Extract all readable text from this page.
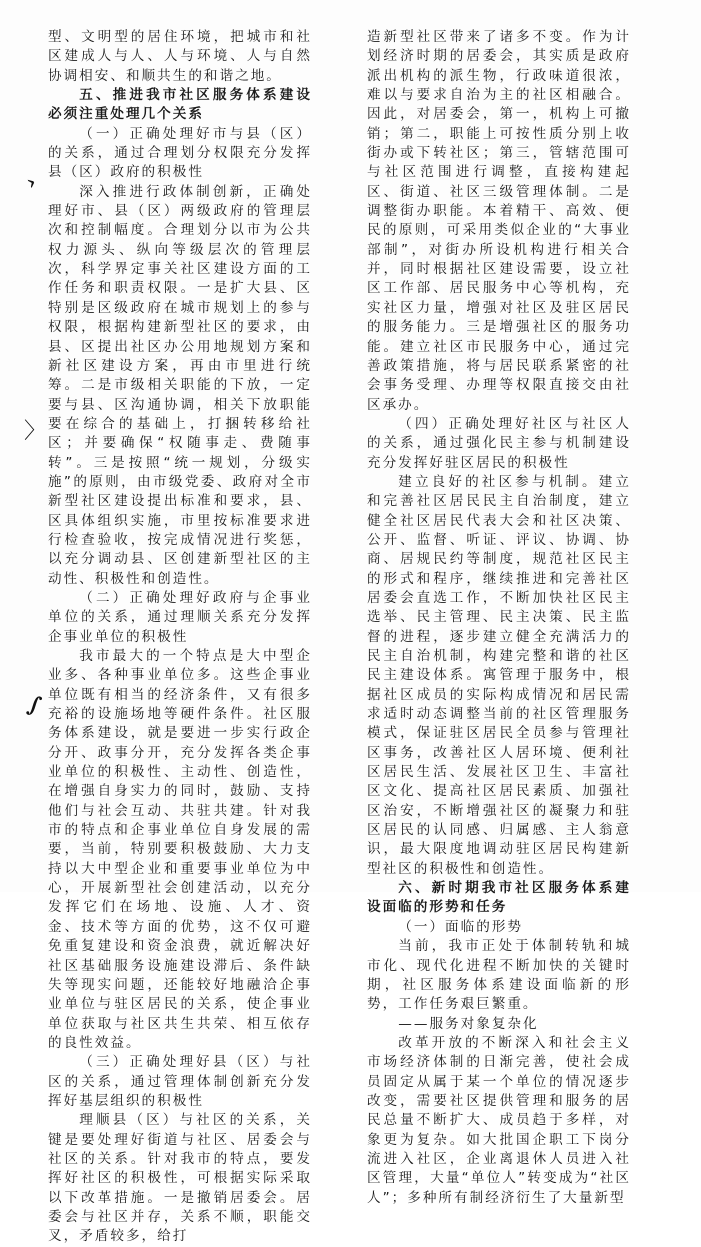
型、文明型的居住环境，把城市和社区建成人与人、人与环境、人与自然协调相安、和顺共生的和谐之地。

五、推进我市社区服务体系建设必须注重处理几个关系

（一）正确处理好市与县（区）的关系，通过合理划分权限充分发挥县（区）政府的积极性

深入推进行政体制创新，正确处理好市、县（区）两级政府的管理层次和控制幅度。合理划分以市为公共权力源头、纵向等级层次的管理层次，科学界定事关社区建设方面的工作任务和职责权限。一是扩大县、区特别是区级政府在城市规划上的参与权限，根据构建新型社区的要求，由县、区提出社区办公用地规划方案和新社区建设方案，再由市里进行统筹。二是市级相关职能的下放，一定要与县、区沟通协调，相关下放职能要在综合的基础上，打捆转移给社区；并要确保“权随事走、费随事转”。三是按照“统一规划，分级实施”的原则，由市级党委、政府对全市新型社区建设提出标准和要求，县、区具体组织实施，市里按标准要求进行检查验收，按完成情况进行奖惩，以充分调动县、区创建新型社区的主动性、积极性和创造性。

（二）正确处理好政府与企事业单位的关系，通过理顺关系充分发挥企事业单位的积极性

我市最大的一个特点是大中型企业多、各种事业单位多。这些企事业单位既有相当的经济条件，又有很多充裕的设施场地等硬件条件。社区服务体系建设，就是要进一步实行政企分开、政事分开，充分发挥各类企事业单位的积极性、主动性、创造性，在增强自身实力的同时，鼓励、支持他们与社会互动、共驻共建。针对我市的特点和企事业单位自身发展的需要，当前，特别要积极鼓励、大力支持以大中型企业和重要事业单位为中心，开展新型社会创建活动，以充分发挥它们在场地、设施、人才、资金、技术等方面的优势，这不仅可避免重复建设和资金浪费，就近解决好社区基础服务设施建设滞后、条件缺失等现实问题，还能较好地融洽企事业单位与驻区居民的关系，使企事业单位获取与社区共生共荣、相互依存的良性效益。

（三）正确处理好县（区）与社区的关系，通过管理体制创新充分发挥好基层组织的积极性

理顺县（区）与社区的关系，关键是要处理好街道与社区、居委会与社区的关系。针对我市的特点，要发挥好社区的积极性，可根据实际采取以下改革措施。一是撤销居委会。居委会与社区并存，关系不顺，职能交叉，矛盾较多，给打

造新型社区带来了诸多不变。作为计划经济时期的居委会，其实质是政府派出机构的派生物，行政味道很浓，难以与要求自治为主的社区相融合。因此，对居委会，第一，机构上可撤销；第二，职能上可按性质分别上收街办或下转社区；第三，管辖范围可与社区范围进行调整，直接构建起区、街道、社区三级管理体制。二是调整街办职能。本着精干、高效、便民的原则，可采用类似企业的“大事业部制”，对街办所设机构进行相关合并，同时根据社区建设需要，设立社区工作部、居民服务中心等机构，充实社区力量，增强对社区及驻区居民的服务能力。三是增强社区的服务功能。建立社区市民服务中心，通过完善政策措施，将与居民联系紧密的社会事务受理、办理等权限直接交由社区承办。

（四）正确处理好社区与社区人的关系，通过强化民主参与机制建设充分发挥好驻区居民的积极性

建立良好的社区参与机制。建立和完善社区居民民主自治制度，建立健全社区居民代表大会和社区决策、公开、监督、听证、评议、协调、协商、居规民约等制度，规范社区民主的形式和程序，继续推进和完善社区居委会直选工作，不断加快社区民主选举、民主管理、民主决策、民主监督的进程，逐步建立健全充满活力的民主自治机制，构建完整和谐的社区民主建设体系。寓管理于服务中，根据社区成员的实际构成情况和居民需求适时动态调整当前的社区管理服务模式，保证驻区居民全员参与管理社区事务，改善社区人居环境、便利社区居民生活、发展社区卫生、丰富社区文化、提高社区居民素质、加强社区治安，不断增强社区的凝聚力和驻区居民的认同感、归属感、主人翁意识，最大限度地调动驻区居民构建新型社区的积极性和创造性。

六、新时期我市社区服务体系建设面临的形势和任务

（一）面临的形势

当前，我市正处于体制转轨和城市化、现代化进程不断加快的关键时期，社区服务体系建设面临新的形势，工作任务艰巨繁重。

——服务对象复杂化

改革开放的不断深入和社会主义市场经济体制的日渐完善，使社会成员固定从属于某一个单位的情况逐步改变，需要社区提供管理和服务的居民总量不断扩大、成员趋于多样，对象更为复杂。如大批国企职工下岗分流进入社区，企业离退休人员进入社区管理，大量“单位人”转变成为“社区人”；多种所有制经济衍生了大量新型

›
〉
∫
